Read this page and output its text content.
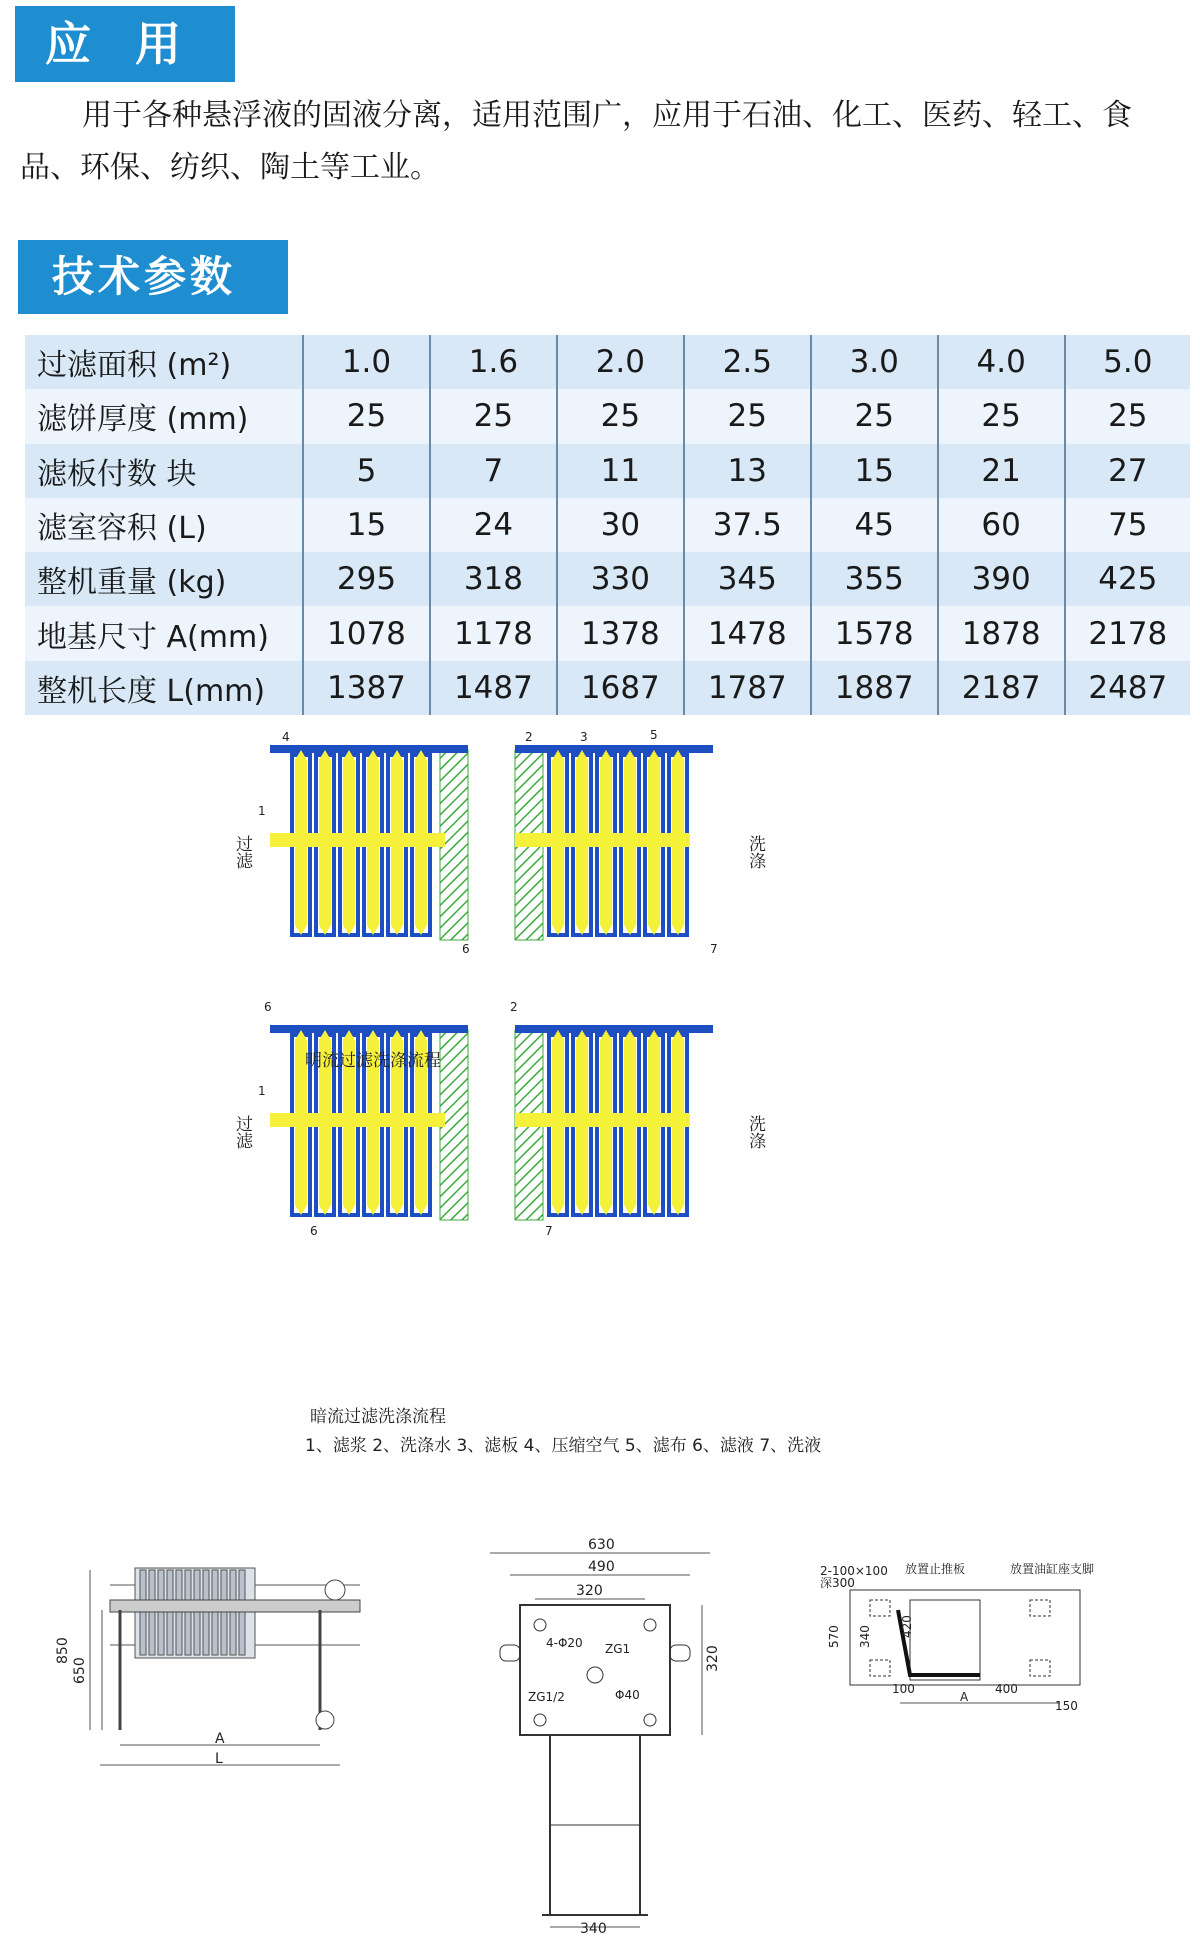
应 用
用于各种悬浮液的固液分离，适用范围广，应用于石油、化工、医药、轻工、食品、环保、纺织、陶土等工业。
技术参数
过滤面积 (m²)	1.0	1.6	2.0	2.5	3.0	4.0	5.0
滤饼厚度 (mm)	25	25	25	25	25	25	25
滤板付数 块	5	7	11	13	15	21	27
滤室容积 (L)	15	24	30	37.5	45	60	75
整机重量 (kg)	295	318	330	345	355	390	425
地基尺寸 A(mm)	1078	1178	1378	1478	1578	1878	2178
整机长度 L(mm)	1387	1487	1687	1787	1887	2187	2487
过滤	洗涤
过滤	洗涤
4
1
6
2	3	5
7
6
1
6
2
7
明流过滤洗涤流程
暗流过滤洗涤流程
1、滤浆 2、洗涤水 3、滤板 4、压缩空气 5、滤布 6、滤液 7、洗液
850
650
A
L
630
490
320
4-Φ20 ZG1
ZG1/2	Φ40
320
340
2-100×100
深300
放置止推板	放置油缸座支脚
570 340 420
100	400
A
150
